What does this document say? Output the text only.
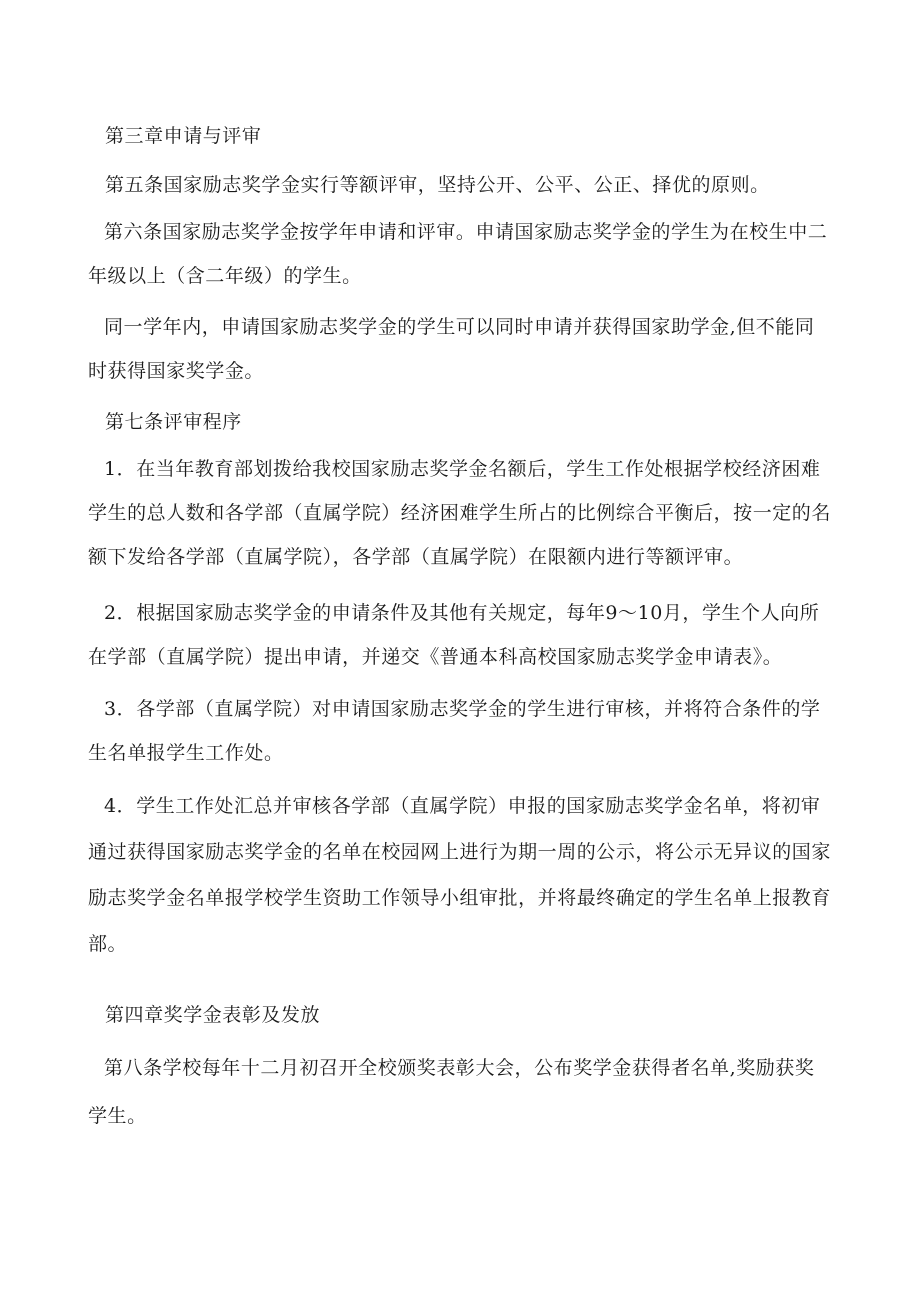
第三章申请与评审

第五条国家励志奖学金实行等额评审，坚持公开、公平、公正、择优的原则。

第六条国家励志奖学金按学年申请和评审。申请国家励志奖学金的学生为在校生中二年级以上（含二年级）的学生。

同一学年内，申请国家励志奖学金的学生可以同时申请并获得国家助学金,但不能同时获得国家奖学金。

第七条评审程序

1．在当年教育部划拨给我校国家励志奖学金名额后，学生工作处根据学校经济困难学生的总人数和各学部（直属学院）经济困难学生所占的比例综合平衡后，按一定的名额下发给各学部（直属学院），各学部（直属学院）在限额内进行等额评审。

2．根据国家励志奖学金的申请条件及其他有关规定，每年9～10月，学生个人向所在学部（直属学院）提出申请，并递交《普通本科高校国家励志奖学金申请表》。

3．各学部（直属学院）对申请国家励志奖学金的学生进行审核，并将符合条件的学生名单报学生工作处。

4．学生工作处汇总并审核各学部（直属学院）申报的国家励志奖学金名单，将初审通过获得国家励志奖学金的名单在校园网上进行为期一周的公示，将公示无异议的国家励志奖学金名单报学校学生资助工作领导小组审批，并将最终确定的学生名单上报教育部。

第四章奖学金表彰及发放

第八条学校每年十二月初召开全校颁奖表彰大会，公布奖学金获得者名单,奖励获奖学生。
